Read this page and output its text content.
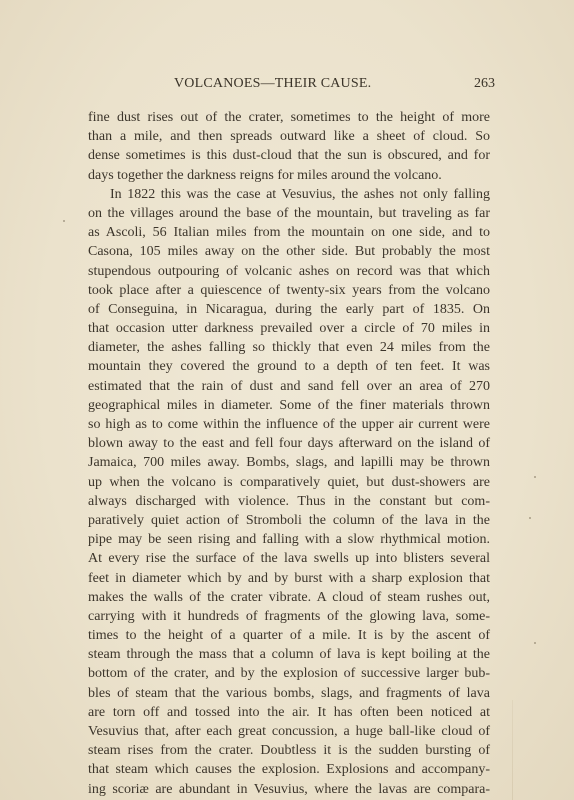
VOLCANOES—THEIR CAUSE.	263
fine dust rises out of the crater, sometimes to the height of more
than a mile, and then spreads outward like a sheet of cloud. So
dense sometimes is this dust-cloud that the sun is obscured, and for
days together the darkness reigns for miles around the volcano.
In 1822 this was the case at Vesuvius, the ashes not only falling
on the villages around the base of the mountain, but traveling as far
as Ascoli, 56 Italian miles from the mountain on one side, and to
Casona, 105 miles away on the other side. But probably the most
stupendous outpouring of volcanic ashes on record was that which
took place after a quiescence of twenty-six years from the volcano
of Conseguina, in Nicaragua, during the early part of 1835. On
that occasion utter darkness prevailed over a circle of 70 miles in
diameter, the ashes falling so thickly that even 24 miles from the
mountain they covered the ground to a depth of ten feet. It was
estimated that the rain of dust and sand fell over an area of 270
geographical miles in diameter. Some of the finer materials thrown
so high as to come within the influence of the upper air current were
blown away to the east and fell four days afterward on the island of
Jamaica, 700 miles away. Bombs, slags, and lapilli may be thrown
up when the volcano is comparatively quiet, but dust-showers are
always discharged with violence. Thus in the constant but com-
paratively quiet action of Stromboli the column of the lava in the
pipe may be seen rising and falling with a slow rhythmical motion.
At every rise the surface of the lava swells up into blisters several
feet in diameter which by and by burst with a sharp explosion that
makes the walls of the crater vibrate. A cloud of steam rushes out,
carrying with it hundreds of fragments of the glowing lava, some-
times to the height of a quarter of a mile. It is by the ascent of
steam through the mass that a column of lava is kept boiling at the
bottom of the crater, and by the explosion of successive larger bub-
bles of steam that the various bombs, slags, and fragments of lava
are torn off and tossed into the air. It has often been noticed at
Vesuvius that, after each great concussion, a huge ball-like cloud of
steam rises from the crater. Doubtless it is the sudden bursting of
that steam which causes the explosion. Explosions and accompany-
ing scoriæ are abundant in Vesuvius, where the lavas are compara-
